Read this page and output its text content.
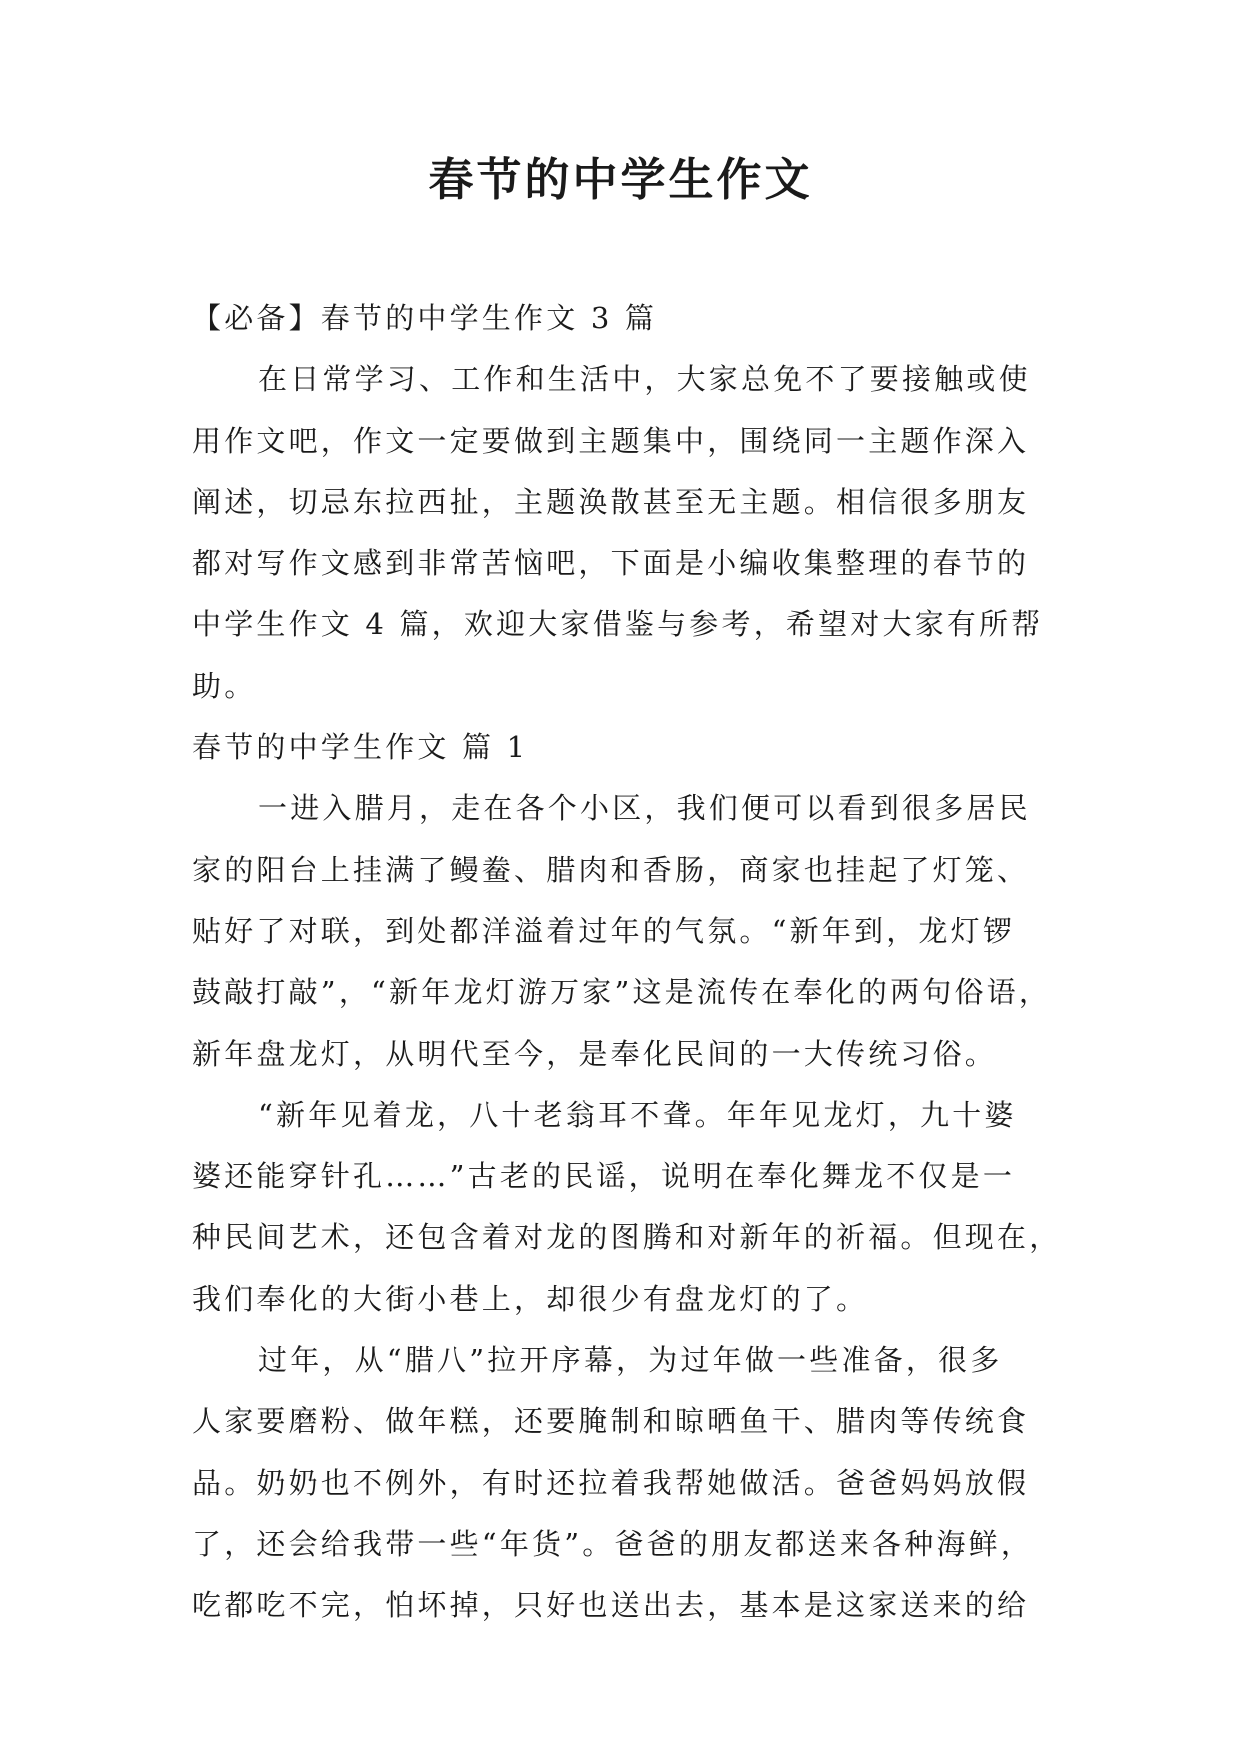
春节的中学生作文

【必备】春节的中学生作文 3 篇

在日常学习、工作和生活中，大家总免不了要接触或使

用作文吧，作文一定要做到主题集中，围绕同一主题作深入

阐述，切忌东拉西扯，主题涣散甚至无主题。相信很多朋友

都对写作文感到非常苦恼吧，下面是小编收集整理的春节的

中学生作文 4 篇，欢迎大家借鉴与参考，希望对大家有所帮

助。

春节的中学生作文 篇 1

一进入腊月，走在各个小区，我们便可以看到很多居民

家的阳台上挂满了鳗鲞、腊肉和香肠，商家也挂起了灯笼、

贴好了对联，到处都洋溢着过年的气氛。“新年到，龙灯锣

鼓敲打敲”，“新年龙灯游万家”这是流传在奉化的两句俗语，

新年盘龙灯，从明代至今，是奉化民间的一大传统习俗。

“新年见着龙，八十老翁耳不聋。年年见龙灯，九十婆

婆还能穿针孔……”古老的民谣，说明在奉化舞龙不仅是一

种民间艺术，还包含着对龙的图腾和对新年的祈福。但现在，

我们奉化的大街小巷上，却很少有盘龙灯的了。

过年，从“腊八”拉开序幕，为过年做一些准备，很多

人家要磨粉、做年糕，还要腌制和晾晒鱼干、腊肉等传统食

品。奶奶也不例外，有时还拉着我帮她做活。爸爸妈妈放假

了，还会给我带一些“年货”。爸爸的朋友都送来各种海鲜，

吃都吃不完，怕坏掉，只好也送出去，基本是这家送来的给
